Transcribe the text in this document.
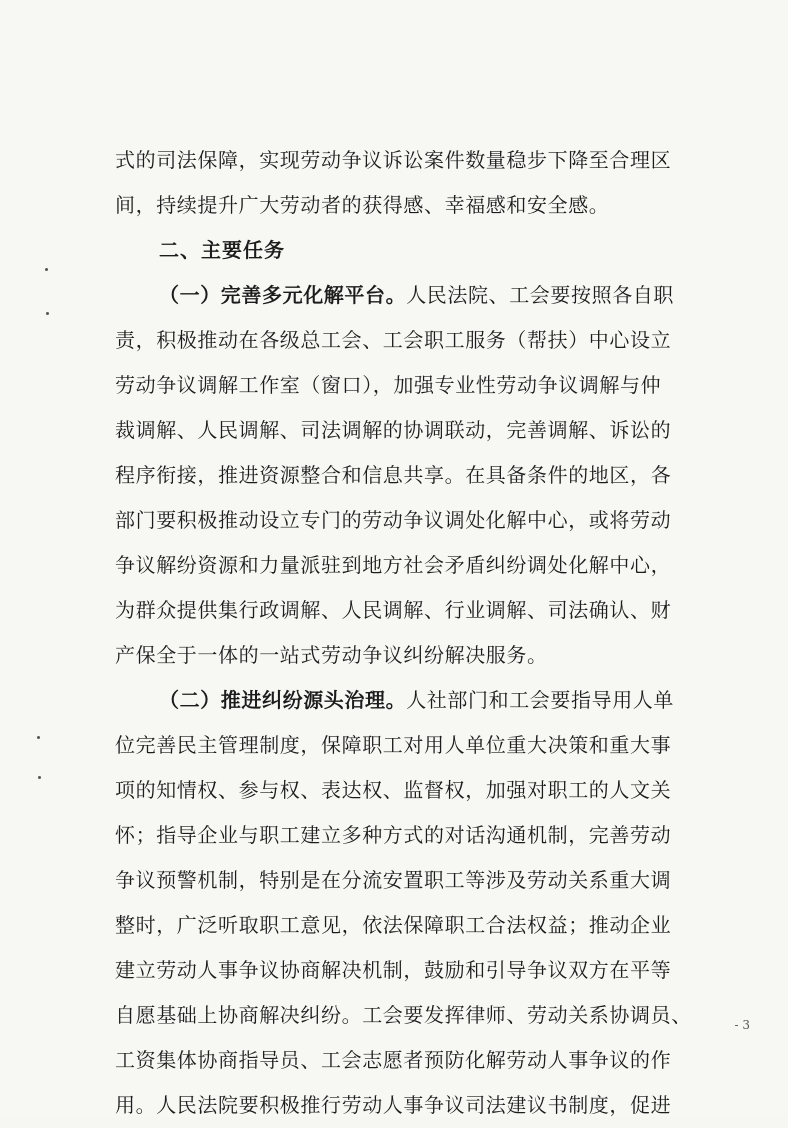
式的司法保障，实现劳动争议诉讼案件数量稳步下降至合理区
间，持续提升广大劳动者的获得感、幸福感和安全感。
二、主要任务
（一）完善多元化解平台。人民法院、工会要按照各自职
责，积极推动在各级总工会、工会职工服务（帮扶）中心设立
劳动争议调解工作室（窗口），加强专业性劳动争议调解与仲
裁调解、人民调解、司法调解的协调联动，完善调解、诉讼的
程序衔接，推进资源整合和信息共享。在具备条件的地区，各
部门要积极推动设立专门的劳动争议调处化解中心，或将劳动
争议解纷资源和力量派驻到地方社会矛盾纠纷调处化解中心，
为群众提供集行政调解、人民调解、行业调解、司法确认、财
产保全于一体的一站式劳动争议纠纷解决服务。
（二）推进纠纷源头治理。人社部门和工会要指导用人单
位完善民主管理制度，保障职工对用人单位重大决策和重大事
项的知情权、参与权、表达权、监督权，加强对职工的人文关
怀；指导企业与职工建立多种方式的对话沟通机制，完善劳动
争议预警机制，特别是在分流安置职工等涉及劳动关系重大调
整时，广泛听取职工意见，依法保障职工合法权益；推动企业
建立劳动人事争议协商解决机制，鼓励和引导争议双方在平等
自愿基础上协商解决纠纷。工会要发挥律师、劳动关系协调员、
工资集体协商指导员、工会志愿者预防化解劳动人事争议的作
用。人民法院要积极推行劳动人事争议司法建议书制度，促进
- 3
